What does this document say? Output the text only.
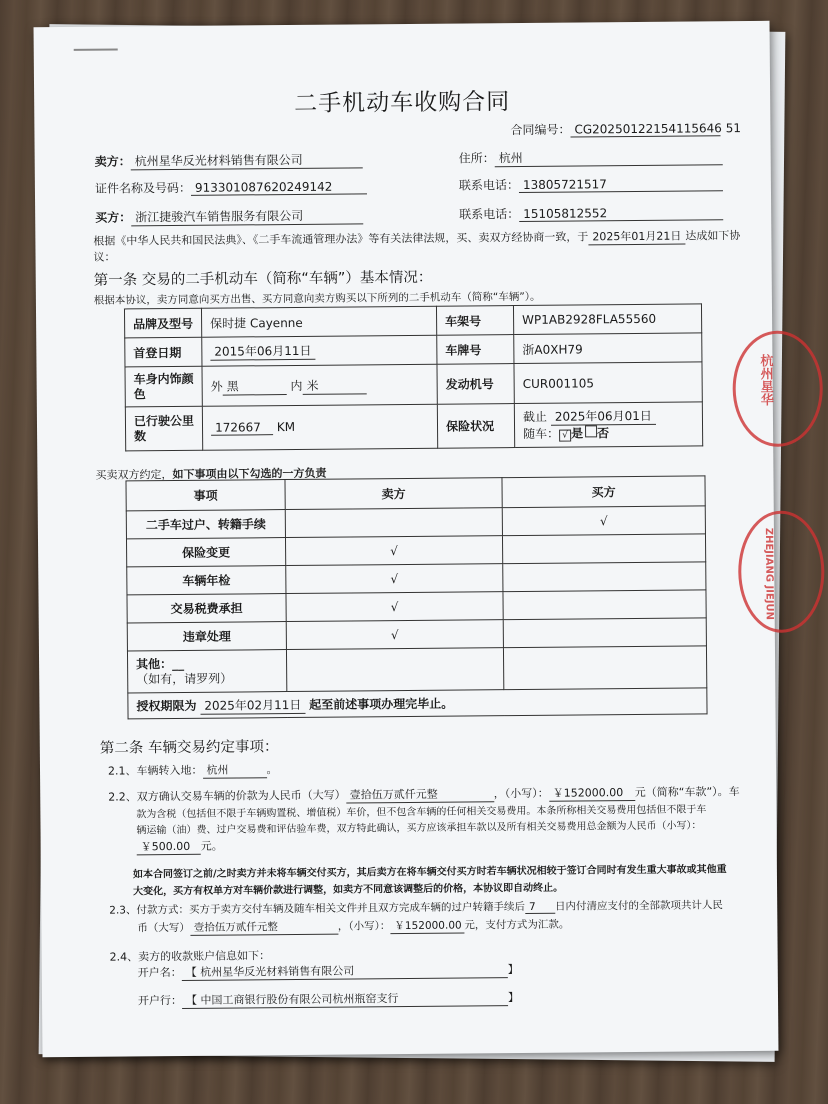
二手机动车收购合同
合同编号： CG20250122154115646 51
卖方： 杭州星华反光材料销售有限公司	住所： 杭州
证件名称及号码： 913301087620249142	联系电话： 13805721517
买方： 浙江捷骏汽车销售服务有限公司	联系电话： 15105812552
根据《中华人民共和国民法典》、《二手车流通管理办法》等有关法律法规，买、卖双方经协商一致，于 2025年01月21日 达成如下协
议：
第一条 交易的二手机动车（简称“车辆”）基本情况：
根据本协议，卖方同意向买方出售、买方同意向卖方购买以下所列的二手机动车（简称“车辆”）。
品牌及型号	保时捷 Cayenne	车架号	WP1AB2928FLA55560
首登日期	2015年06月11日	车牌号	浙A0XH79
车身内饰颜色	外 黑 内 米	发动机号	CUR001105
已行驶公里数	172667 KM	保险状况	截止 2025年06月01日
随车： √ 是 否
买卖双方约定，如下事项由以下勾选的一方负责
事项	卖方	买方
二手车过户、转籍手续		√
保险变更	√	
车辆年检	√	
交易税费承担	√	
违章处理	√	
其他：__
（如有，请罗列）		
授权期限为 2025年02月11日 起至前述事项办理完毕止。		
第二条 车辆交易约定事项：
2.1、车辆转入地： 杭州	。
2.2、双方确认交易车辆的价款为人民币（大写） 壹拾伍万贰仟元整	，（小写）： ￥152000.00 元（简称“车款”）。车
款为含税（包括但不限于车辆购置税、增值税）车价，但不包含车辆的任何相关交易费用。本条所称相关交易费用包括但不限于车
辆运输（油）费、过户交易费和评估验车费，双方特此确认，买方应该承担车款以及所有相关交易费用总金额为人民币（小写）：
￥500.00 元。
如本合同签订之前/之时卖方并未将车辆交付买方，其后卖方在将车辆交付买方时若车辆状况相较于签订合同时有发生重大事故或其他重
大变化，买方有权单方对车辆价款进行调整，如卖方不同意该调整后的价格，本协议即自动终止。
2.3、付款方式：买方于卖方交付车辆及随车相关文件并且双方完成车辆的过户转籍手续后 7 日内付清应支付的全部款项共计人民
币（大写） 壹拾伍万贰仟元整	，（小写）： ￥152000.00 元，支付方式为汇款。
2.4、卖方的收款账户信息如下：
开户名： 【 杭州星华反光材料销售有限公司	】
开户行： 【 中国工商银行股份有限公司杭州瓶窑支行	】
杭州星华
ZHEJIANG JIEJUN
